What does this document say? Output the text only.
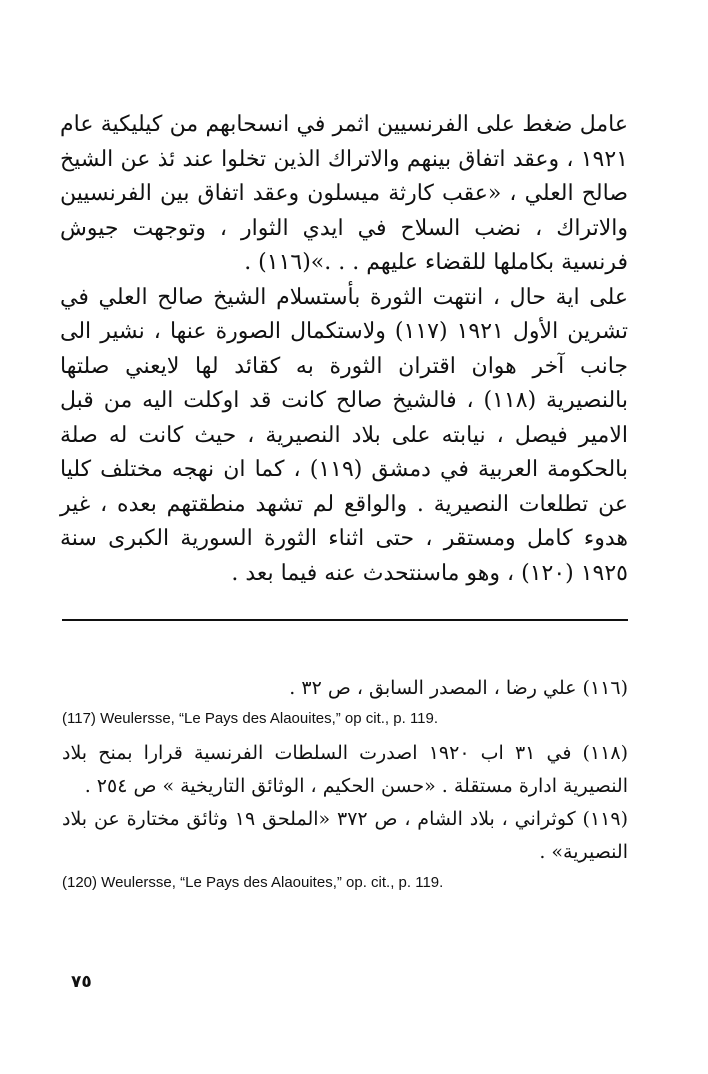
عامل ضغط على الفرنسيين اثمر في انسحابهم من كيليكية عام ١٩٢١ ، وعقد اتفاق بينهم والاتراك الذين تخلوا عند ئذ عن الشيخ صالح العلي ، «عقب كارثة ميسلون وعقد اتفاق بين الفرنسيين والاتراك ، نضب السلاح في ايدي الثوار ، وتوجهت جيوش فرنسية بكاملها للقضاء عليهم . . .»(١١٦) .

على اية حال ، انتهت الثورة بأستسلام الشيخ صالح العلي في تشرين الأول ١٩٢١ (١١٧) ولاستكمال الصورة عنها ، نشير الى جانب آخر هوان اقتران الثورة به كقائد لها لايعني صلتها بالنصيرية (١١٨) ، فالشيخ صالح كانت قد اوكلت اليه من قبل الامير فيصل ، نيابته على بلاد النصيرية ، حيث كانت له صلة بالحكومة العربية في دمشق (١١٩) ، كما ان نهجه مختلف كليا عن تطلعات النصيرية . والواقع لم تشهد منطقتهم بعده ، غير هدوء كامل ومستقر ، حتى اثناء الثورة السورية الكبرى سنة ١٩٢٥ (١٢٠) ، وهو ماسنتحدث عنه فيما بعد .

(١١٦) علي رضا ، المصدر السابق ، ص ٣٢ .

(117) Weulersse, “Le Pays des Alaouites,” op cit., p. 119.

(١١٨) في ٣١ اب ١٩٢٠ اصدرت السلطات الفرنسية قرارا بمنح بلاد النصيرية ادارة مستقلة . «حسن الحكيم ، الوثائق التاريخية » ص ٢٥٤ .

(١١٩) كوثراني ، بلاد الشام ، ص ٣٧٢ «الملحق ١٩ وثائق مختارة عن بلاد النصيرية» .

(120) Weulersse, “Le Pays des Alaouites,” op. cit., p. 119.

٧٥
